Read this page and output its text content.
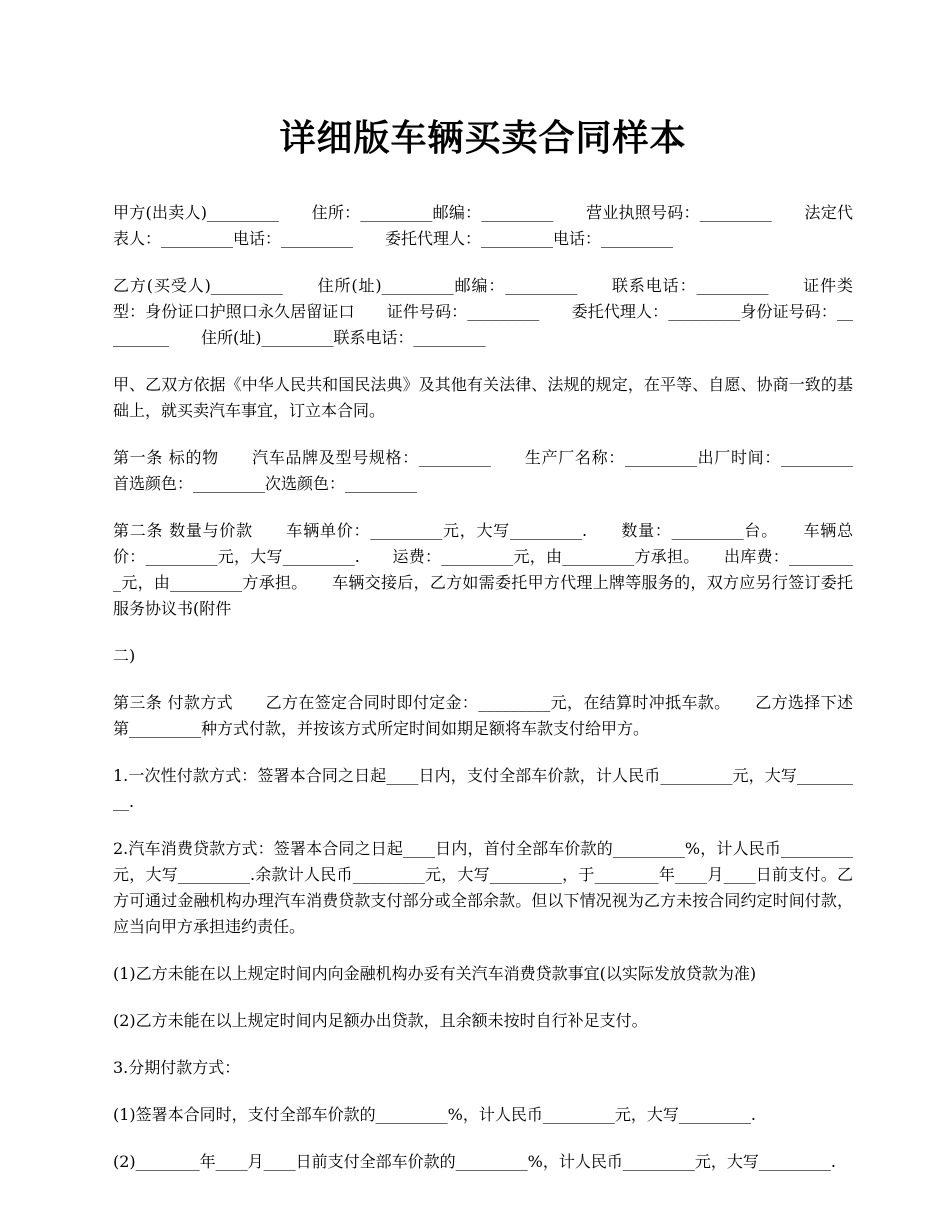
详细版车辆买卖合同样本

甲方(出卖人)_________　　住所：_________邮编：_________　　营业执照号码：_________　　法定代表人：_________电话：_________　　委托代理人：_________电话：_________

乙方(买受人)_________　　住所(址)_________邮编：_________　　联系电话：_________　　证件类型：身份证口护照口永久居留证口　　证件号码：_________　　委托代理人：_________身份证号码：_________　　住所(址)_________联系电话：_________

甲、乙双方依据《中华人民共和国民法典》及其他有关法律、法规的规定，在平等、自愿、协商一致的基础上，就买卖汽车事宜，订立本合同。

第一条 标的物　　汽车品牌及型号规格：_________　　生产厂名称：_________出厂时间：_________　　首选颜色：_________次选颜色：_________

第二条 数量与价款　　车辆单价：_________元，大写_________.　　数量：_________台。　　车辆总价：_________元，大写_________.　　运费：_________元，由_________方承担。　　出库费：_________元，由_________方承担。　　车辆交接后，乙方如需委托甲方代理上牌等服务的，双方应另行签订委托服务协议书(附件

二)

第三条 付款方式　　乙方在签定合同时即付定金：_________元，在结算时冲抵车款。　　乙方选择下述第_________种方式付款，并按该方式所定时间如期足额将车款支付给甲方。

1.一次性付款方式：签署本合同之日起____日内，支付全部车价款，计人民币_________元，大写_________.

2.汽车消费贷款方式：签署本合同之日起____日内，首付全部车价款的_________%，计人民币_________元，大写_________.余款计人民币_________元，大写_________，于________年____月____日前支付。乙方可通过金融机构办理汽车消费贷款支付部分或全部余款。但以下情况视为乙方未按合同约定时间付款，应当向甲方承担违约责任。

(1)乙方未能在以上规定时间内向金融机构办妥有关汽车消费贷款事宜(以实际发放贷款为准)

(2)乙方未能在以上规定时间内足额办出贷款，且余额未按时自行补足支付。

3.分期付款方式：

(1)签署本合同时，支付全部车价款的_________%，计人民币_________元，大写_________.

(2)________年____月____日前支付全部车价款的_________%，计人民币_________元，大写_________.
